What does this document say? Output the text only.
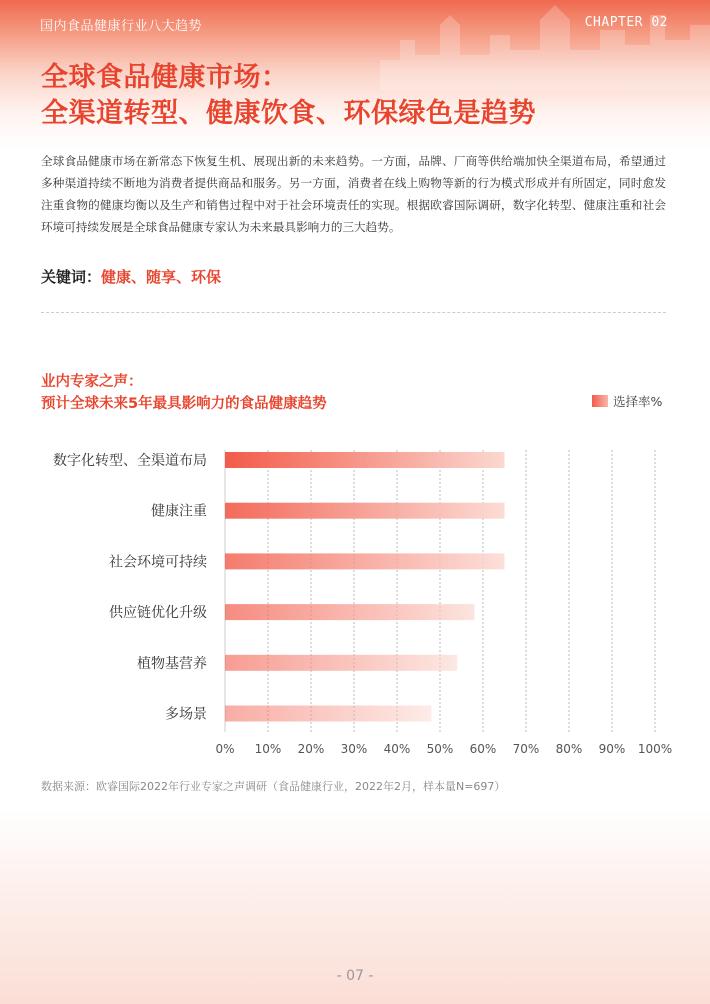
国内食品健康行业八大趋势	CHAPTER 02
全球食品健康市场：
全渠道转型、健康饮食、环保绿色是趋势

全球食品健康市场在新常态下恢复生机、展现出新的未来趋势。一方面，品牌、厂商等供给端加快全渠道布局，希望通过多种渠道持续不断地为消费者提供商品和服务。另一方面，消费者在线上购物等新的行为模式形成并有所固定，同时愈发注重食物的健康均衡以及生产和销售过程中对于社会环境责任的实现。根据欧睿国际调研，数字化转型、健康注重和社会环境可持续发展是全球食品健康专家认为未来最具影响力的三大趋势。

关键词：健康、随享、环保
业内专家之声：
预计全球未来5年最具影响力的食品健康趋势	选择率%
数字化转型、全渠道布局
健康注重
社会环境可持续
供应链优化升级
植物基营养
多场景
0% 10% 20% 30% 40% 50% 60% 70% 80% 90% 100%
数据来源：欧睿国际2022年行业专家之声调研（食品健康行业，2022年2月，样本量N=697）
- 07 -
